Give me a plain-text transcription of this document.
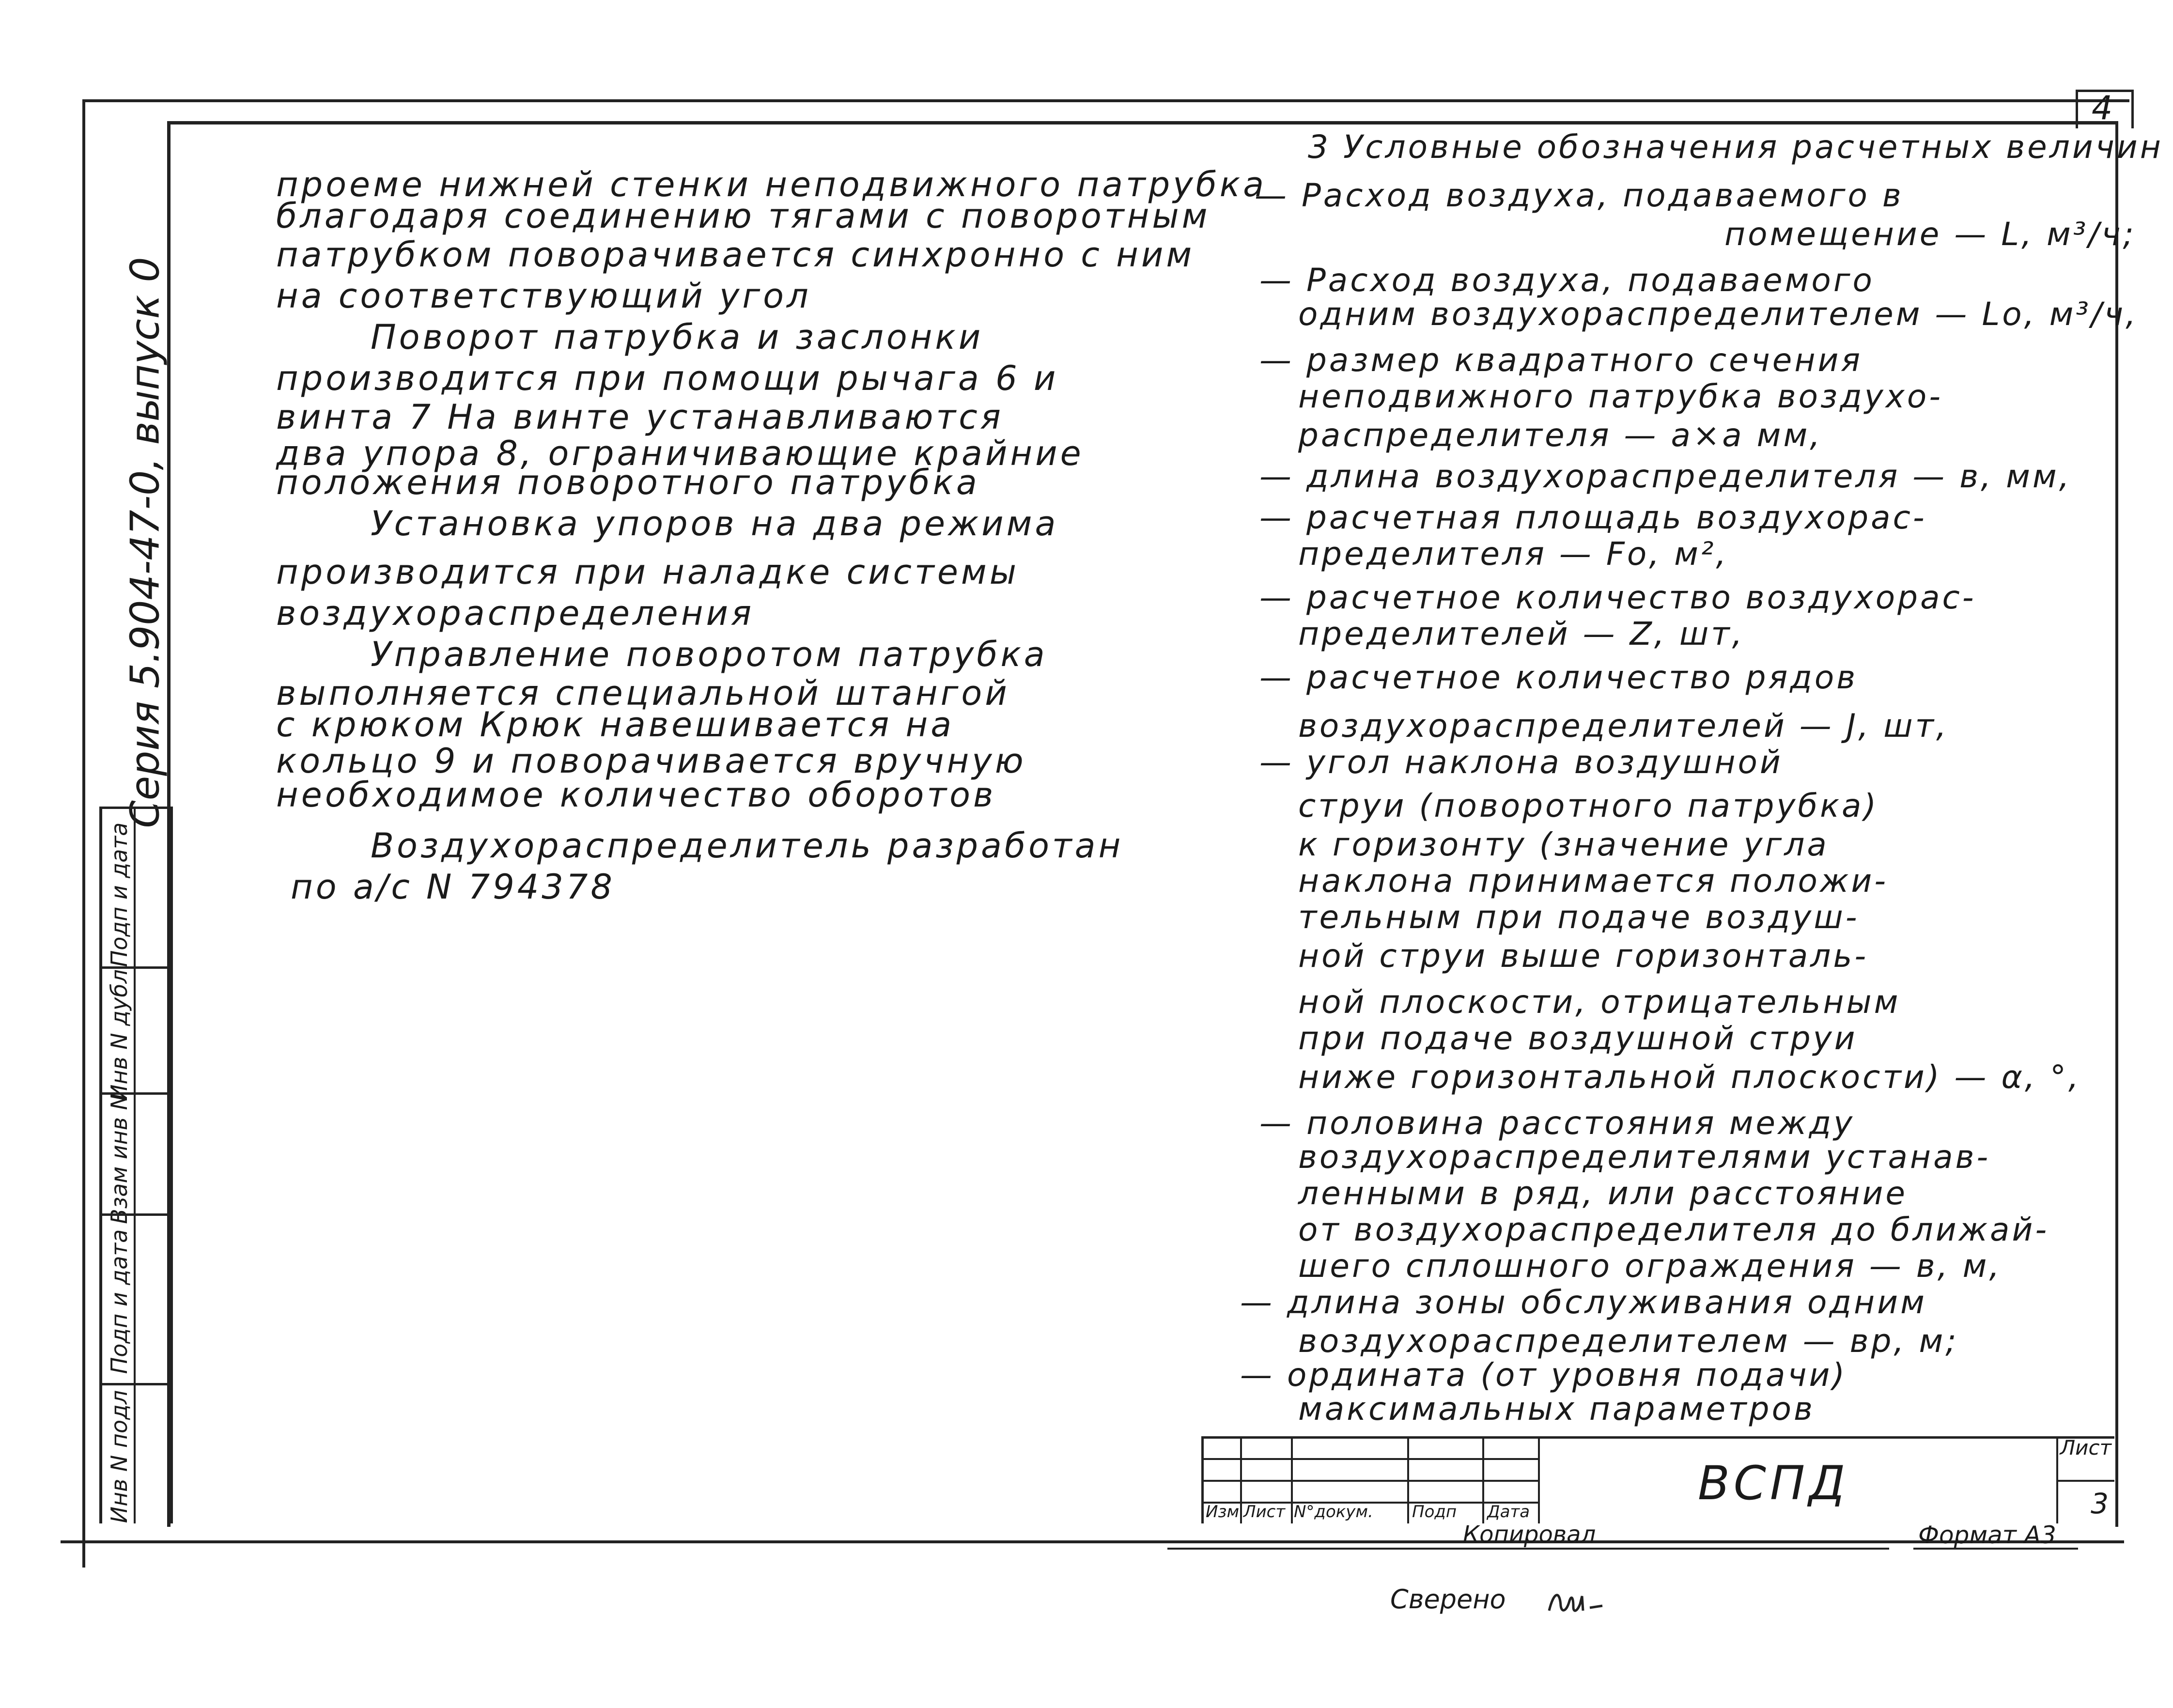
4
Серия 5.904-47-0, выпуск 0
Подп и дата
Инв N дубл
Взам инв N
Подп и дата
Инв N подл
проеме нижней стенки неподвижного патрубка
благодаря соединению тягами с поворотным
патрубком поворачивается синхронно с ним
на соответствующий угол
Поворот патрубка и заслонки
производится при помощи рычага 6 и
винта 7 На винте устанавливаются
два упора 8, ограничивающие крайние
положения поворотного патрубка
Установка упоров на два режима
производится при наладке системы
воздухораспределения
Управление поворотом патрубка
выполняется специальной штангой
с крюком Крюк навешивается на
кольцо 9 и поворачивается вручную
необходимое количество оборотов
Воздухораспределитель разработан
по а/с N 794378
3 Условные обозначения расчетных величин
— Расход воздуха, подаваемого в
помещение — L, м³/ч;
— Расход воздуха, подаваемого
одним воздухораспределителем — Lо, м³/ч,
— размер квадратного сечения
неподвижного патрубка воздухо-
распределителя — а×а мм,
— длина воздухораспределителя — в, мм,
— расчетная площадь воздухорас-
пределителя — Fо, м²,
— расчетное количество воздухорас-
пределителей — Z, шт,
— расчетное количество рядов
воздухораспределителей — J, шт,
— угол наклона воздушной
струи (поворотного патрубка)
к горизонту (значение угла
наклона принимается положи-
тельным при подаче воздуш-
ной струи выше горизонталь-
ной плоскости, отрицательным
при подаче воздушной струи
ниже горизонтальной плоскости) — α, °,
— половина расстояния между
воздухораспределителями устанав-
ленными в ряд, или расстояние
от воздухораспределителя до ближай-
шего сплошного ограждения — в, м,
— длина зоны обслуживания одним
воздухораспределителем — вр, м;
— ордината (от уровня подачи)
максимальных параметров
Изм Лист N°докум. Подп Дата
ВСПД
Лист
3
Копировал	Формат А3
Сверено
